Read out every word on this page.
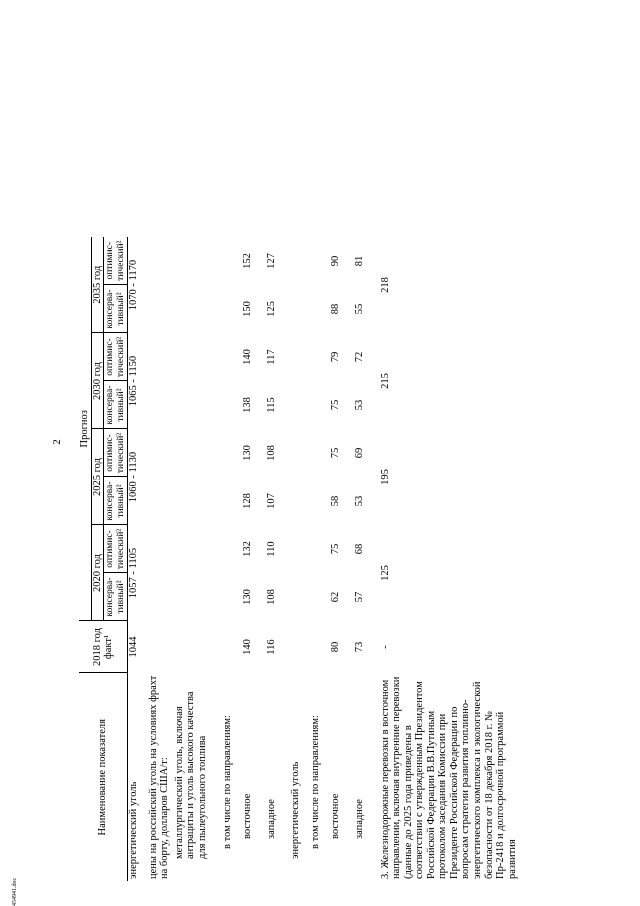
2
454941.doc
Наименование показателя	2018 год факт¹	Прогноз							
		2020 год		2025 год		2030 год		2035 год	
		консерва-тивный²	оптимис-тический²	консерва-тивный²	оптимис-тический²	консерва-тивный²	оптимис-тический²	консерва-тивный²	оптимис-тический²
энергетический уголь	1044	1057 - 1105		1060 - 1130		1065 - 1150		1070 - 1170	
цены на российский уголь на условиях фрахт на борту, долларов США/т:									
металлургический уголь, включая антрациты и уголь высокого качества для пылеугольного топлива									
в том числе по направлениям:									
восточное	140	130	132	128	130	138	140	150	152
западное	116	108	110	107	108	115	117	125	127
энергетический уголь									
в том числе по направлениям:									
восточное	80	62	75	58	75	75	79	88	90
западное	73	57	68	53	69	53	72	55	81
3. Железнодорожные перевозки в восточном направлении, включая внутренние перевозки (данные до 2025 года приведены в соответствии с утвержденным Президентом Российской Федерации В.В.Путиным протоколом заседания Комиссии при Президенте Российской Федерации по вопросам стратегии развития топливно-энергетического комплекса и экологической безопасности от 18 декабря 2018 г. № Пр-2418 и долгосрочной программой развития	-	125		195		215		218	
